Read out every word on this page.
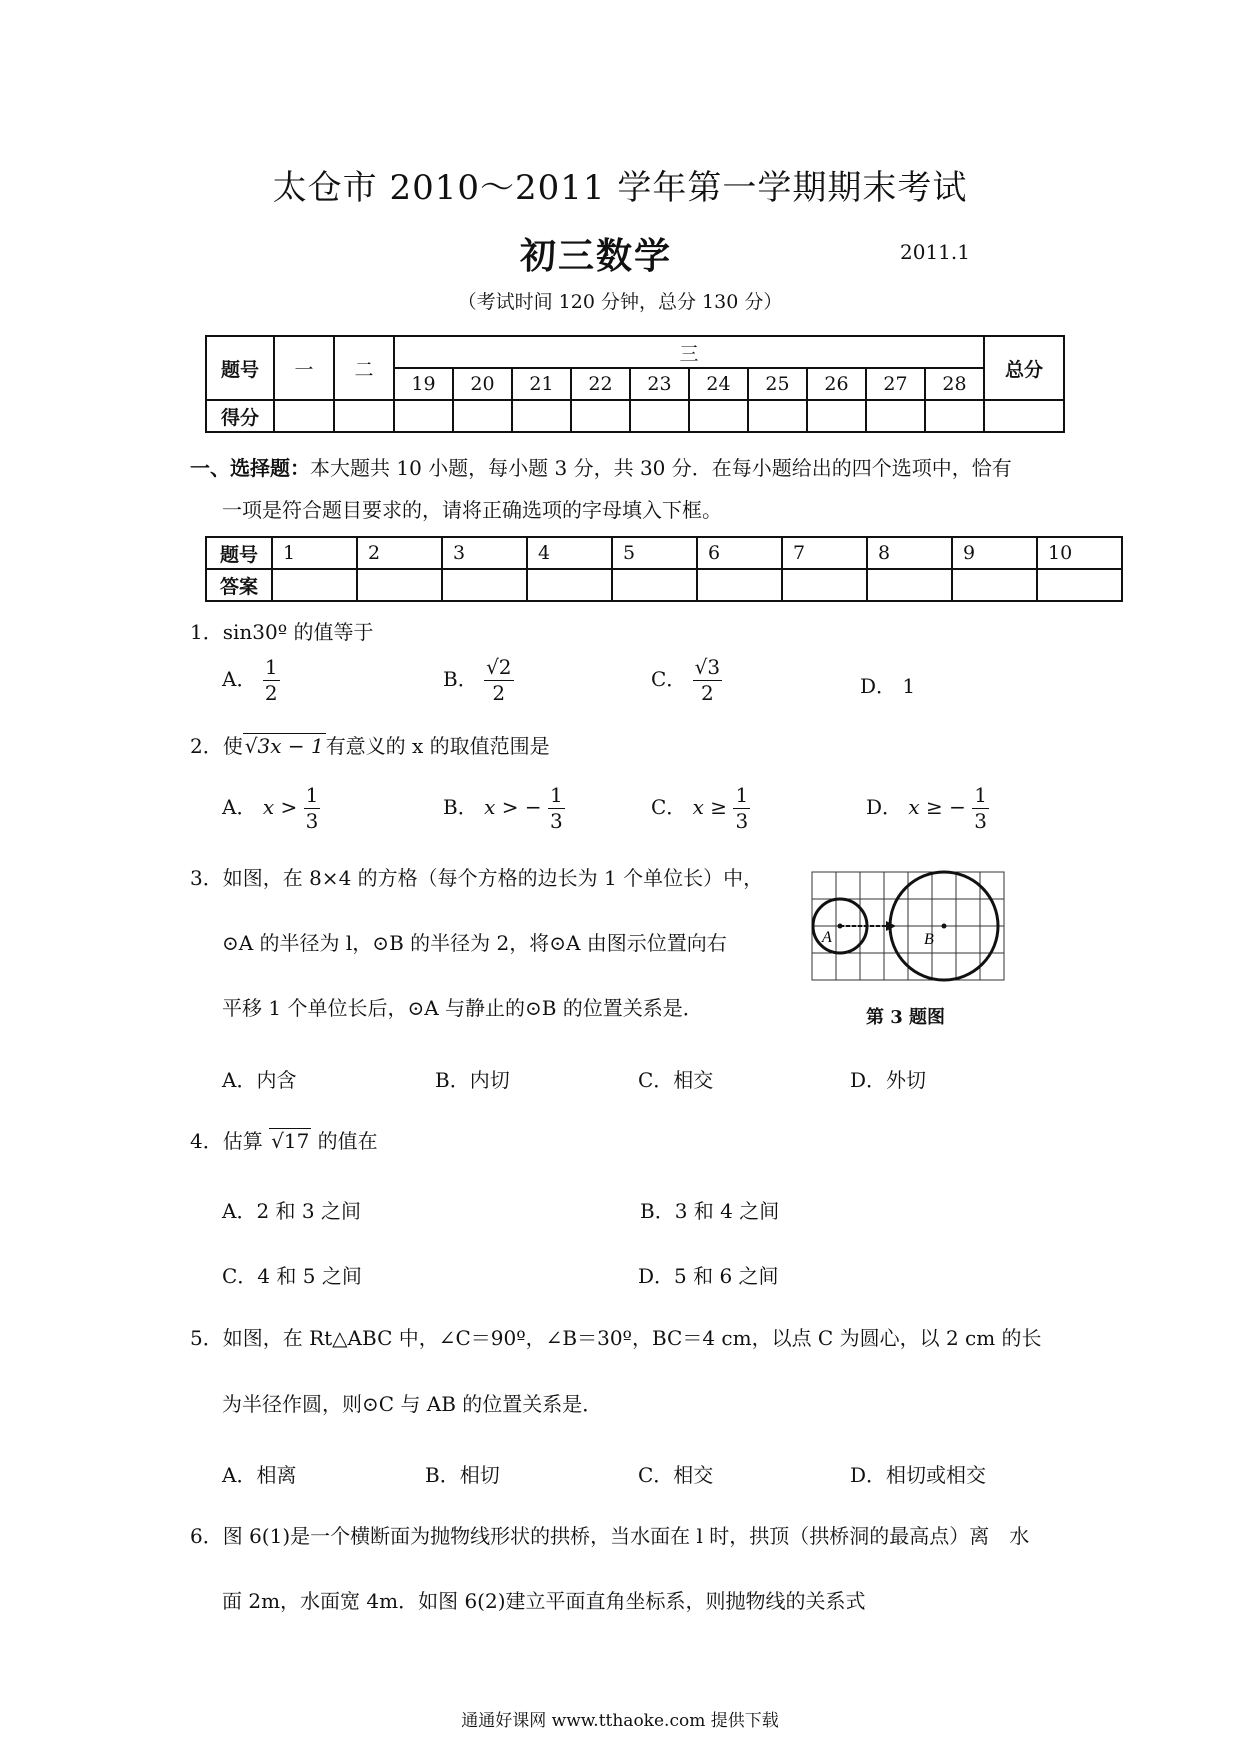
太仓市 2010～2011 学年第一学期期末考试
初三数学	2011.1
（考试时间 120 分钟，总分 130 分）
题号	一	二	三										总分
			19	20	21	22	23	24	25	26	27	28	
得分													
一、选择题：本大题共 10 小题，每小题 3 分，共 30 分．在每小题给出的四个选项中，恰有
一项是符合题目要求的，请将正确选项的字母填入下框。
题号	1	2	3	4	5	6	7	8	9	10
答案										
1．sin30º 的值等于
A． $\frac{1}{2}$	B． $\frac{√2}{2}$	C． $\frac{√3}{2}$	D． 1
2．使 √3x − 1 有意义的 x 的取值范围是
A． $x > \frac{1}{3}$	B． x > − $\frac{1}{3}$	C． $x \ge \frac{1}{3}$	D． x ≥ − $\frac{1}{3}$
3．如图，在 8×4 的方格（每个方格的边长为 1 个单位长）中，
⊙A 的半径为 l，⊙B 的半径为 2，将⊙A 由图示位置向右
平移 1 个单位长后，⊙A 与静止的⊙B 的位置关系是．
A	B
第 3 题图
A．内含	B．内切	C．相交	D．外切
4．估算 √17 的值在
A．2 和 3 之间	B．3 和 4 之间
C．4 和 5 之间	D．5 和 6 之间
5．如图，在 Rt△ABC 中，∠C＝90º，∠B＝30º，BC＝4 cm，以点 C 为圆心，以 2 cm 的长
为半径作圆，则⊙C 与 AB 的位置关系是．
A．相离	B．相切	C．相交	D．相切或相交
6．图 6(1)是一个横断面为抛物线形状的拱桥，当水面在 l 时，拱顶（拱桥洞的最高点）离　水
面 2m，水面宽 4m．如图 6(2)建立平面直角坐标系，则抛物线的关系式
通通好课网 www.tthaoke.com 提供下载
